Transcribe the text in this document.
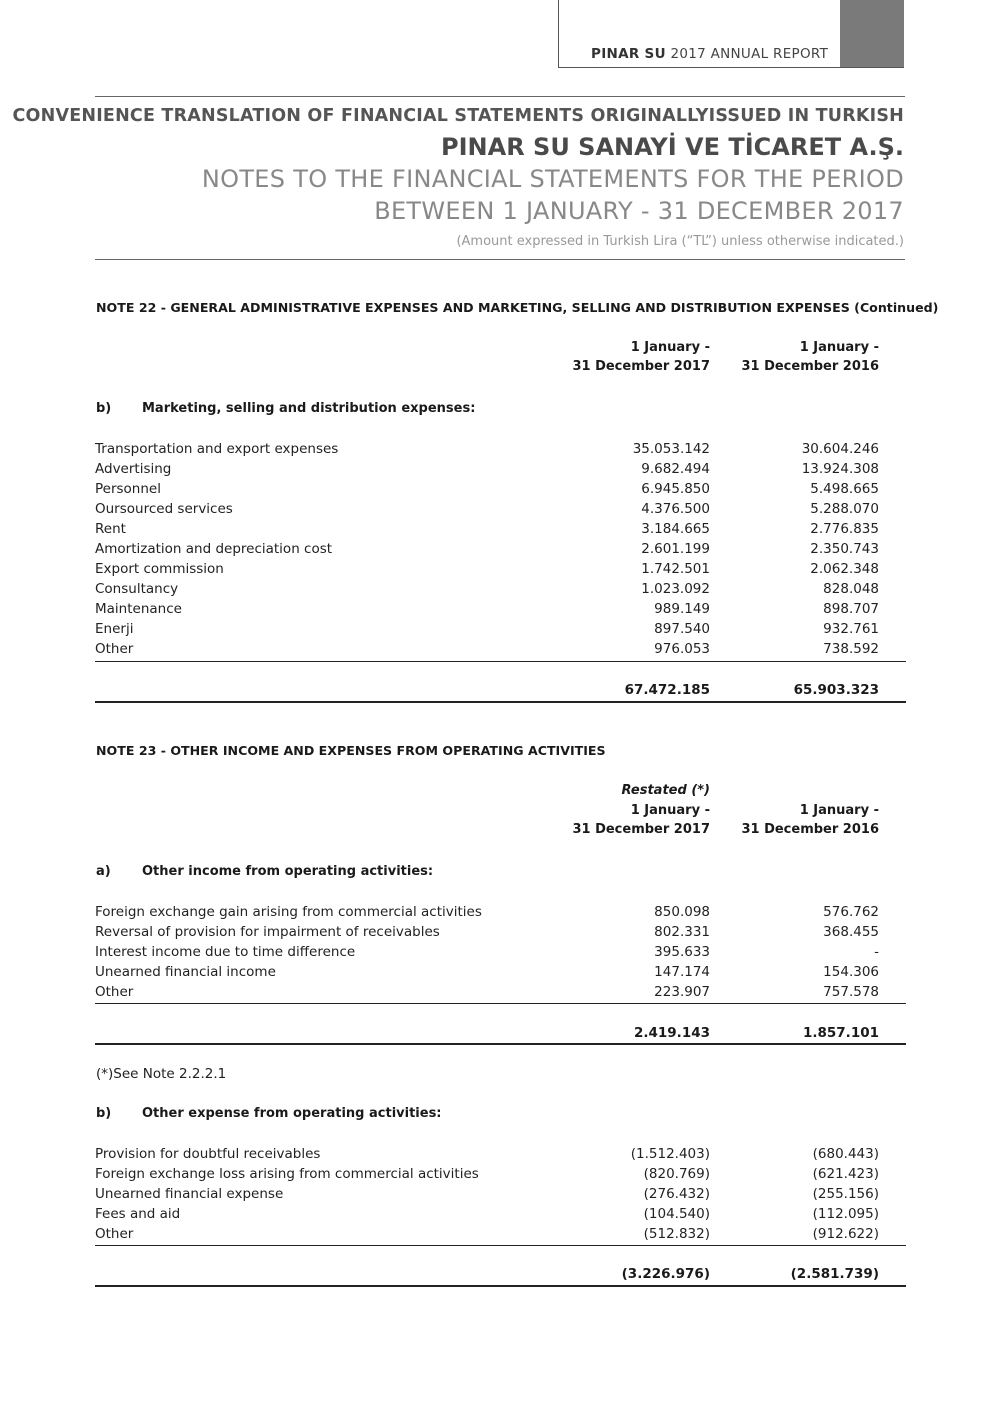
PINAR SU 2017 ANNUAL REPORT
111
CONVENIENCE TRANSLATION OF FINANCIAL STATEMENTS ORIGINALLYISSUED IN TURKISH
PINAR SU SANAYİ VE TİCARET A.Ş.
NOTES TO THE FINANCIAL STATEMENTS FOR THE PERIOD
BETWEEN 1 JANUARY - 31 DECEMBER 2017
(Amount expressed in Turkish Lira (“TL”) unless otherwise indicated.)
NOTE 22 - GENERAL ADMINISTRATIVE EXPENSES AND MARKETING, SELLING AND DISTRIBUTION EXPENSES (Continued)
1 January -
31 December 2017
1 January -
31 December 2016
b) Marketing, selling and distribution expenses:
Transportation and export expenses	35.053.142	30.604.246
Advertising	9.682.494	13.924.308
Personnel	6.945.850	5.498.665
Oursourced services	4.376.500	5.288.070
Rent	3.184.665	2.776.835
Amortization and depreciation cost	2.601.199	2.350.743
Export commission	1.742.501	2.062.348
Consultancy	1.023.092	828.048
Maintenance	989.149	898.707
Enerji	897.540	932.761
Other	976.053	738.592
67.472.185	65.903.323
NOTE 23 - OTHER INCOME AND EXPENSES FROM OPERATING ACTIVITIES
Restated (*)
1 January -
31 December 2017
1 January -
31 December 2016
a) Other income from operating activities:
Foreign exchange gain arising from commercial activities	850.098	576.762
Reversal of provision for impairment of receivables	802.331	368.455
Interest income due to time difference	395.633	-
Unearned financial income	147.174	154.306
Other	223.907	757.578
2.419.143	1.857.101
(*)See Note 2.2.2.1
b) Other expense from operating activities:
Provision for doubtful receivables	(1.512.403)	(680.443)
Foreign exchange loss arising from commercial activities	(820.769)	(621.423)
Unearned financial expense	(276.432)	(255.156)
Fees and aid	(104.540)	(112.095)
Other	(512.832)	(912.622)
(3.226.976)	(2.581.739)
